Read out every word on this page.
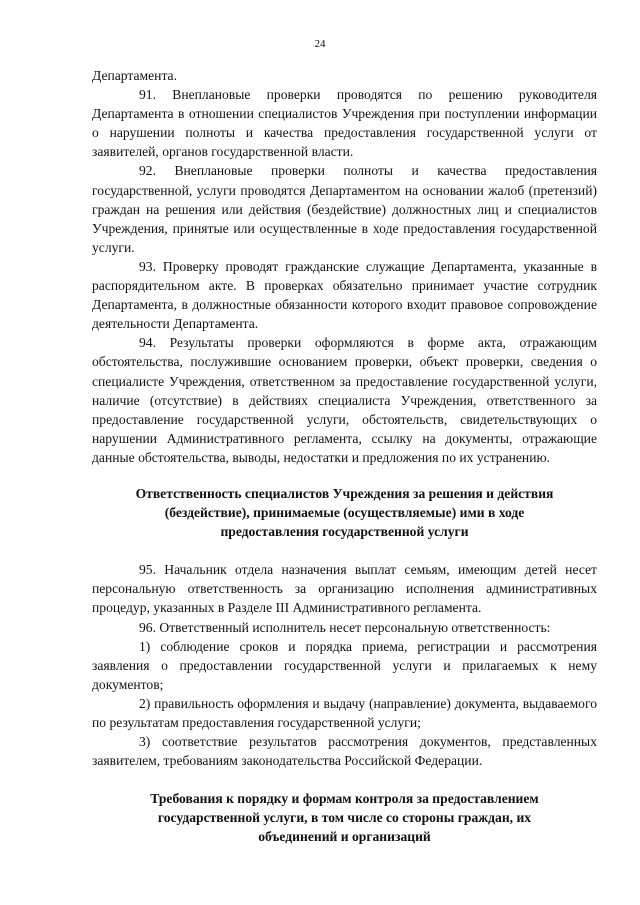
24

Департамента.

91. Внеплановые проверки проводятся по решению руководителя Департамента в отношении специалистов Учреждения при поступлении информации о нарушении полноты и качества предоставления государственной услуги от заявителей, органов государственной власти.

92. Внеплановые проверки полноты и качества предоставления государственной, услуги проводятся Департаментом на основании жалоб (претензий) граждан на решения или действия (бездействие) должностных лиц и специалистов Учреждения, принятые или осуществленные в ходе предоставления государственной услуги.

93. Проверку проводят гражданские служащие Департамента, указанные в распорядительном акте. В проверках обязательно принимает участие сотрудник Департамента, в должностные обязанности которого входит правовое сопровождение деятельности Департамента.

94. Результаты проверки оформляются в форме акта, отражающим обстоятельства, послужившие основанием проверки, объект проверки, сведения о специалисте Учреждения, ответственном за предоставление государственной услуги, наличие (отсутствие) в действиях специалиста Учреждения, ответственного за предоставление государственной услуги, обстоятельств, свидетельствующих о нарушении Административного регламента, ссылку на документы, отражающие данные обстоятельства, выводы, недостатки и предложения по их устранению.

Ответственность специалистов Учреждения за решения и действия (бездействие), принимаемые (осуществляемые) ими в ходе предоставления государственной услуги

95. Начальник отдела назначения выплат семьям, имеющим детей несет персональную ответственность за организацию исполнения административных процедур, указанных в Разделе III Административного регламента.

96. Ответственный исполнитель несет персональную ответственность:

1) соблюдение сроков и порядка приема, регистрации и рассмотрения заявления о предоставлении государственной услуги и прилагаемых к нему документов;

2) правильность оформления и выдачу (направление) документа, выдаваемого по результатам предоставления государственной услуги;

3) соответствие результатов рассмотрения документов, представленных заявителем, требованиям законодательства Российской Федерации.

Требования к порядку и формам контроля за предоставлением государственной услуги, в том числе со стороны граждан, их объединений и организаций
